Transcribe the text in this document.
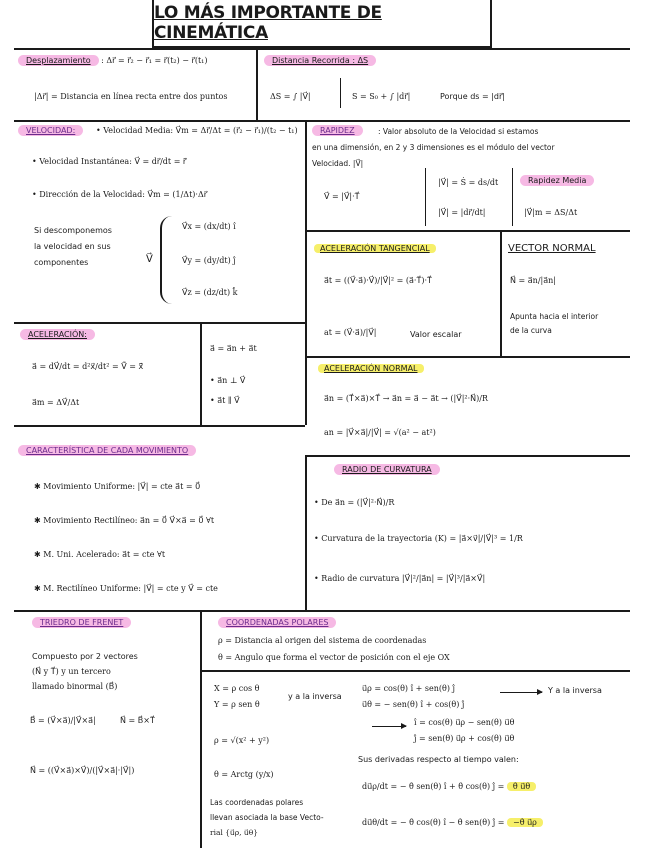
LO MÁS IMPORTANTE DE CINEMÁTICA
Desplazamiento : Δr⃗ = r⃗₂ − r⃗₁ = r⃗(t₂) − r⃗(t₁)
|Δr⃗| = Distancia en línea recta entre dos puntos
Distancia Recorrida : ΔS
ΔS = ∫ |V⃗|	S = S₀ + ∫ |dr⃗|	Porque ds = |dr⃗|
VELOCIDAD:	• Velocidad Media: V⃗m = Δr⃗/Δt = (r⃗₂ − r⃗₁)/(t₂ − t₁)
• Velocidad Instantánea: V⃗ = dr⃗/dt = r⃗̇
• Dirección de la Velocidad: V⃗m = (1/Δt)·Δr⃗
Si descomponemos
la velocidad en sus
componentes	V⃗
V⃗x = (dx/dt) î
V⃗y = (dy/dt) ĵ
V⃗z = (dz/dt) k̂
RAPIDEZ	: Valor absoluto de la Velocidad si estamos
en una dimensión, en 2 y 3 dimensiones es el módulo del vector
Velocidad. |V⃗|
V⃗ = |V⃗|·T⃗
|V⃗| = Ṡ = ds/dt
|V⃗| = |dr⃗/dt|
Rapidez Media
|V⃗|m = ΔS/Δt
ACELERACIÓN TANGENCIAL
a⃗t = ((V⃗·a⃗)·V⃗)/|V⃗|² = (a⃗·T⃗)·T⃗
at = (V⃗·a⃗)/|V⃗|	Valor escalar
VECTOR NORMAL
N⃗ = a⃗n/|a⃗n|
Apunta hacia el interior
de la curva
ACELERACIÓN:
a⃗ = dV⃗/dt = d²x⃗/dt² = V⃗̇ = x⃗̈
a⃗m = ΔV⃗/Δt
a⃗ = a⃗n + a⃗t
• a⃗n ⊥ V⃗
• a⃗t ∥ V⃗
ACELERACIÓN NORMAL
a⃗n = (T⃗×a⃗)×T⃗ → a⃗n = a⃗ − a⃗t → (|V⃗|²·N⃗)/R
an = |V⃗×a⃗|/|V⃗| = √(a² − at²)
CARACTERÍSTICA DE CADA MOVIMIENTO
✱ Movimiento Uniforme: |V⃗| = cte a⃗t = 0⃗
✱ Movimiento Rectilíneo: a⃗n = 0⃗ V⃗×a⃗ = 0⃗ ∀t
✱ M. Uni. Acelerado: a⃗t = cte ∀t
✱ M. Rectilíneo Uniforme: |V⃗| = cte y V⃗ = cte
RADIO DE CURVATURA
• De a⃗n = (|V⃗|²·N⃗)/R
• Curvatura de la trayectoria (K) = |a⃗×v⃗|/|V⃗|³ = 1/R
• Radio de curvatura |V⃗|²/|a⃗n| = |V⃗|³/|a⃗×V⃗|
TRIEDRO DE FRENET
Compuesto por 2 vectores
(N⃗ y T⃗) y un tercero
llamado binormal (B⃗)
B⃗ = (V⃗×a⃗)/|V⃗×a⃗|	N⃗ = B⃗×T⃗
N⃗ = ((V⃗×a⃗)×V⃗)/(|V⃗×a⃗|·|V⃗|)
COORDENADAS POLARES
ρ = Distancia al origen del sistema de coordenadas
θ = Angulo que forma el vector de posición con el eje OX
X = ρ cos θ
Y = ρ sen θ
y a la inversa
ρ = √(x² + y²)
θ = Arctg (y/x)
Las coordenadas polares
llevan asociada la base Vecto-
rial {u⃗ρ, u⃗θ}
u⃗ρ = cos(θ) î + sen(θ) ĵ
u⃗θ = − sen(θ) î + cos(θ) ĵ
Y a la inversa
î = cos(θ) u⃗ρ − sen(θ) u⃗θ
ĵ = sen(θ) u⃗ρ + cos(θ) u⃗θ
Sus derivadas respecto al tiempo valen:
du⃗ρ/dt = − θ̇ sen(θ) î + θ̇ cos(θ) ĵ = θ̇ u⃗θ
du⃗θ/dt = − θ̇ cos(θ) î − θ̇ sen(θ) ĵ = −θ̇ u⃗ρ
